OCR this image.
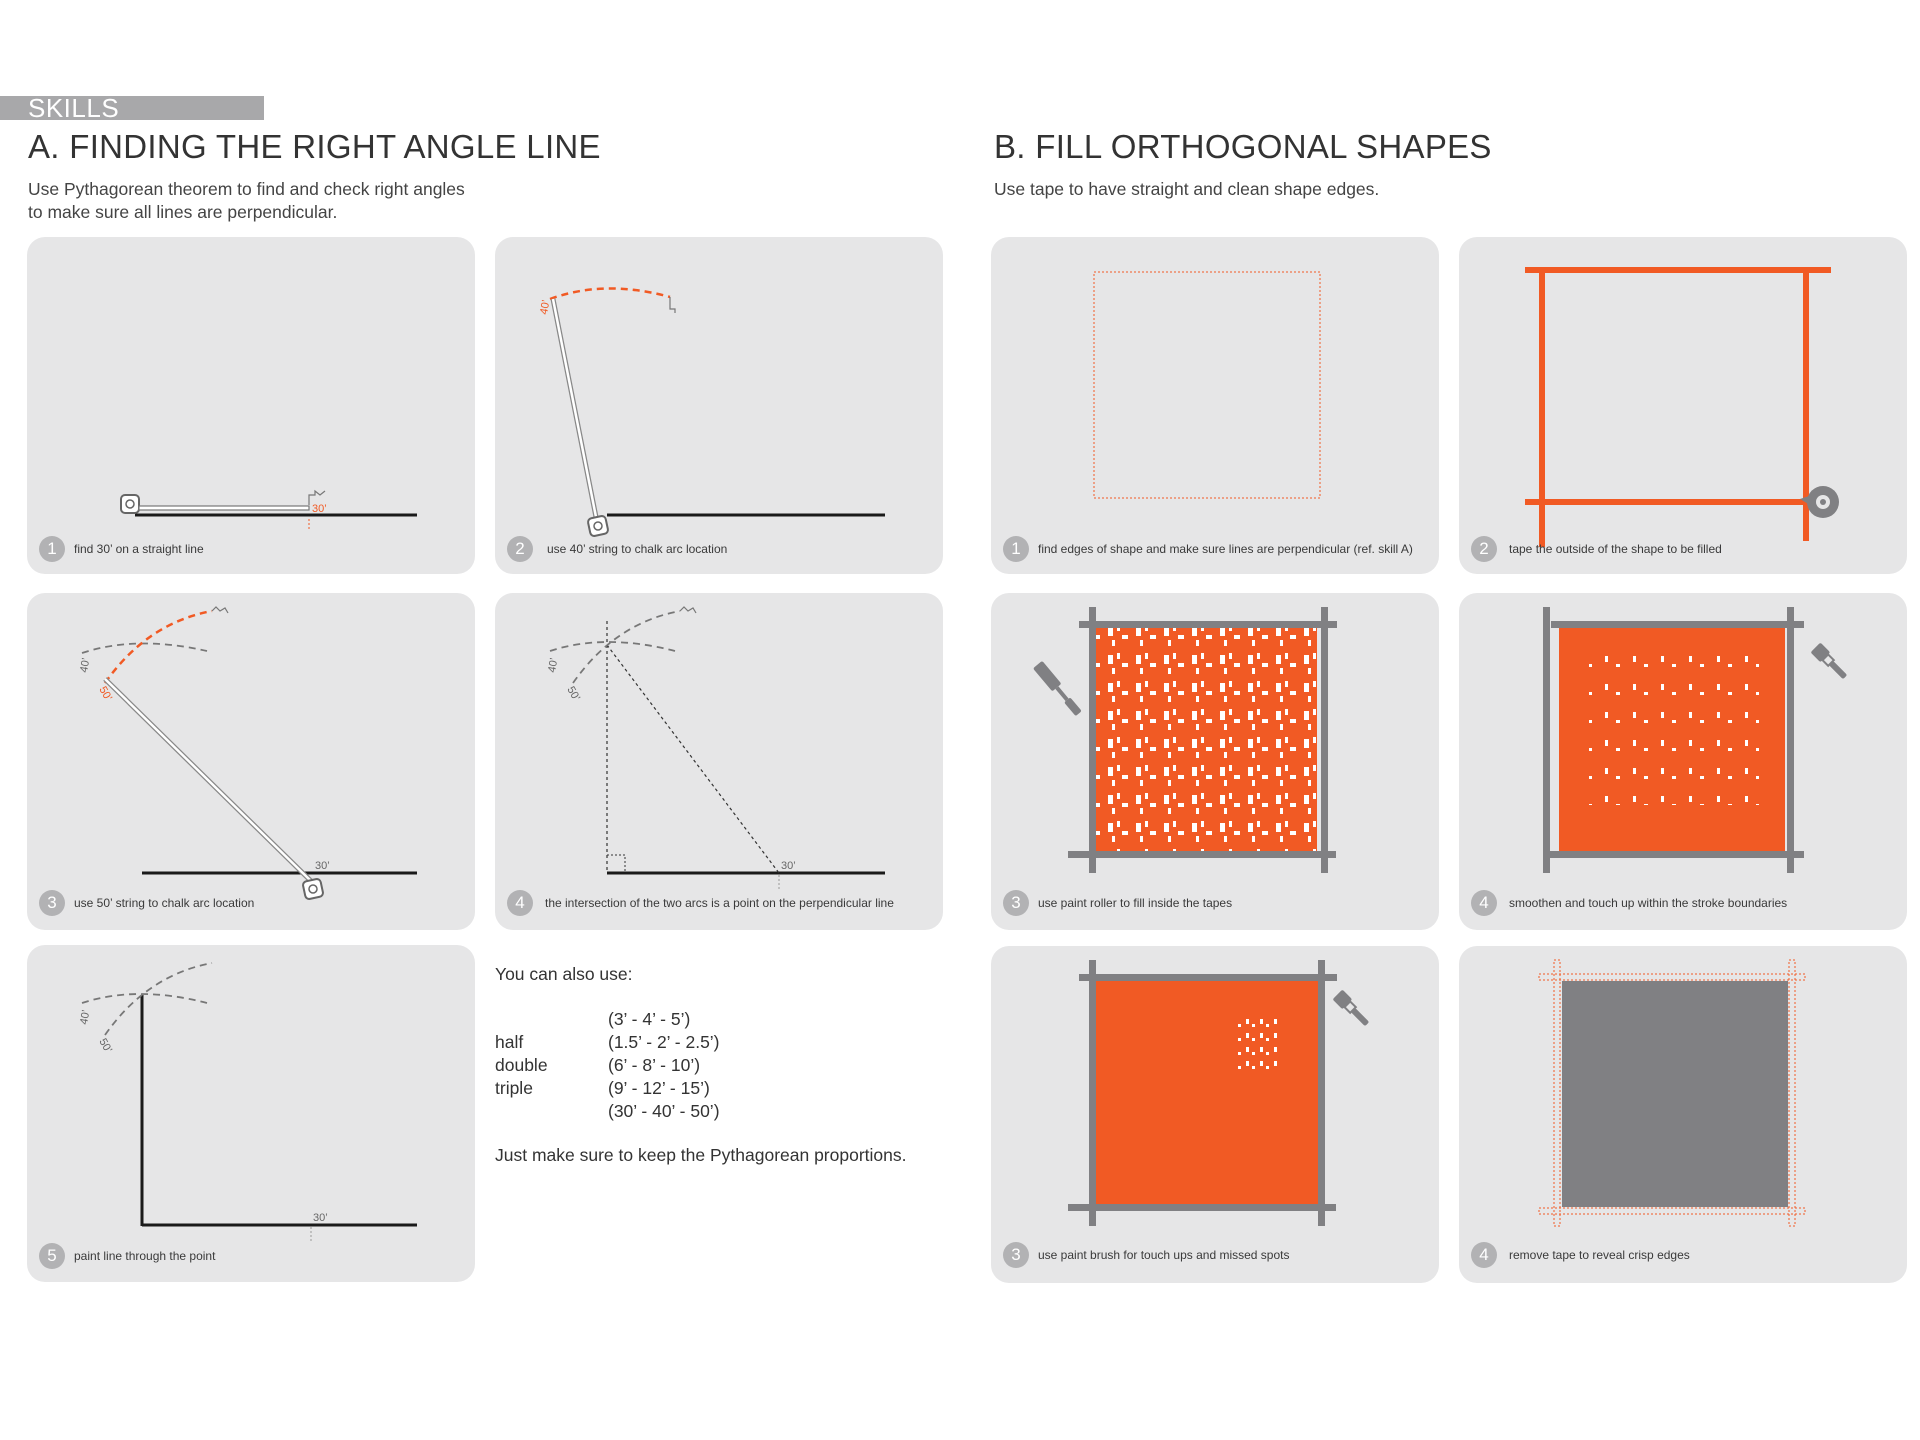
SKILLS
A. FINDING THE RIGHT ANGLE LINE
Use Pythagorean theorem to find and check right angles
to make sure all lines are perpendicular.
B. FILL ORTHOGONAL SHAPES
Use tape to have straight and clean shape edges.
30’
1	find 30’ on a straight line
40’
2	use 40’ string to chalk arc location
40’
50’
30’
3	use 50’ string to chalk arc location
40’
50’
30’
4	the intersection of the two arcs is a point on the perpendicular line
40’
50’
30’
5	paint line through the point
You can also use:
(3’ - 4’ - 5’)
half	(1.5’ - 2’ - 2.5’)
double	(6’ - 8’ - 10’)
triple	(9’ - 12’ - 15’)
(30’ - 40’ - 50’)
Just make sure to keep the Pythagorean proportions.
1	find edges of shape and make sure lines are perpendicular (ref. skill A)	2	tape the outside of the shape to be filled
3	use paint roller to fill inside the tapes	4	smoothen and touch up within the stroke boundaries
3	use paint brush for touch ups and missed spots	4	remove tape to reveal crisp edges
